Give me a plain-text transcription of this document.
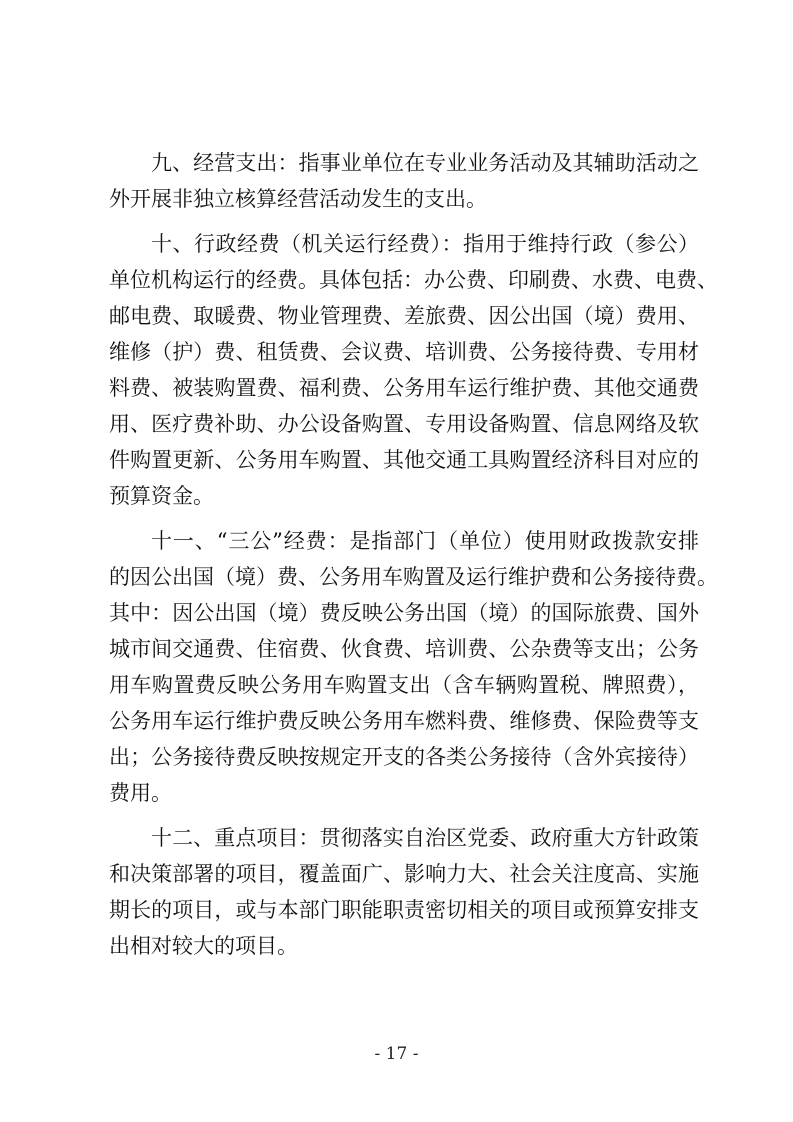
九、经营支出：指事业单位在专业业务活动及其辅助活动之
外开展非独立核算经营活动发生的支出。
十、行政经费（机关运行经费）：指用于维持行政（参公）
单位机构运行的经费。具体包括：办公费、印刷费、水费、电费、
邮电费、取暖费、物业管理费、差旅费、因公出国（境）费用、
维修（护）费、租赁费、会议费、培训费、公务接待费、专用材
料费、被装购置费、福利费、公务用车运行维护费、其他交通费
用、医疗费补助、办公设备购置、专用设备购置、信息网络及软
件购置更新、公务用车购置、其他交通工具购置经济科目对应的
预算资金。
十一、“三公”经费：是指部门（单位）使用财政拨款安排
的因公出国（境）费、公务用车购置及运行维护费和公务接待费。
其中：因公出国（境）费反映公务出国（境）的国际旅费、国外
城市间交通费、住宿费、伙食费、培训费、公杂费等支出；公务
用车购置费反映公务用车购置支出（含车辆购置税、牌照费），
公务用车运行维护费反映公务用车燃料费、维修费、保险费等支
出；公务接待费反映按规定开支的各类公务接待（含外宾接待）
费用。
十二、重点项目：贯彻落实自治区党委、政府重大方针政策
和决策部署的项目，覆盖面广、影响力大、社会关注度高、实施
期长的项目，或与本部门职能职责密切相关的项目或预算安排支
出相对较大的项目。
- 17 -
